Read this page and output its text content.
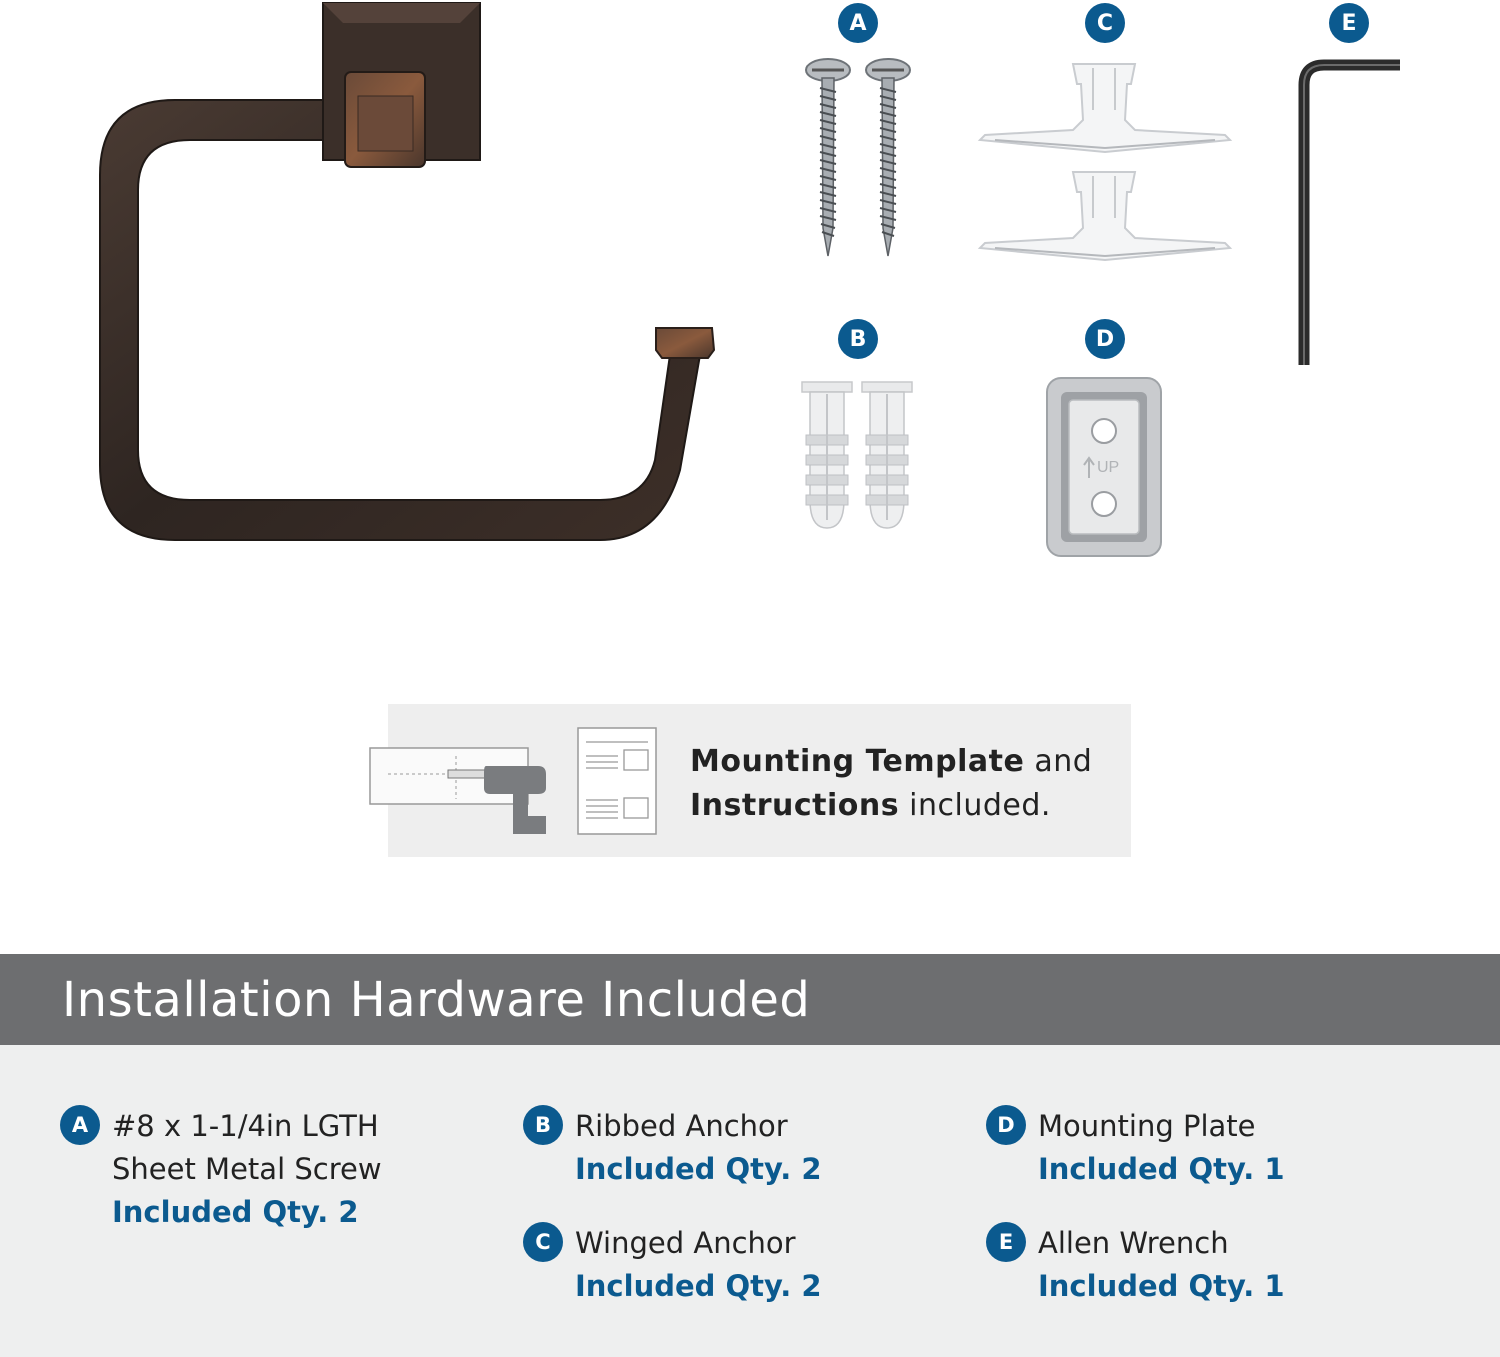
A	C	E
B	D
UP
Mounting Template and
Instructions included.
Installation Hardware Included
A #8 x 1-1/4in LGTH
Sheet Metal Screw
Included Qty. 2
B Ribbed Anchor
Included Qty. 2
C Winged Anchor
Included Qty. 2
D Mounting Plate
Included Qty. 1
E Allen Wrench
Included Qty. 1
